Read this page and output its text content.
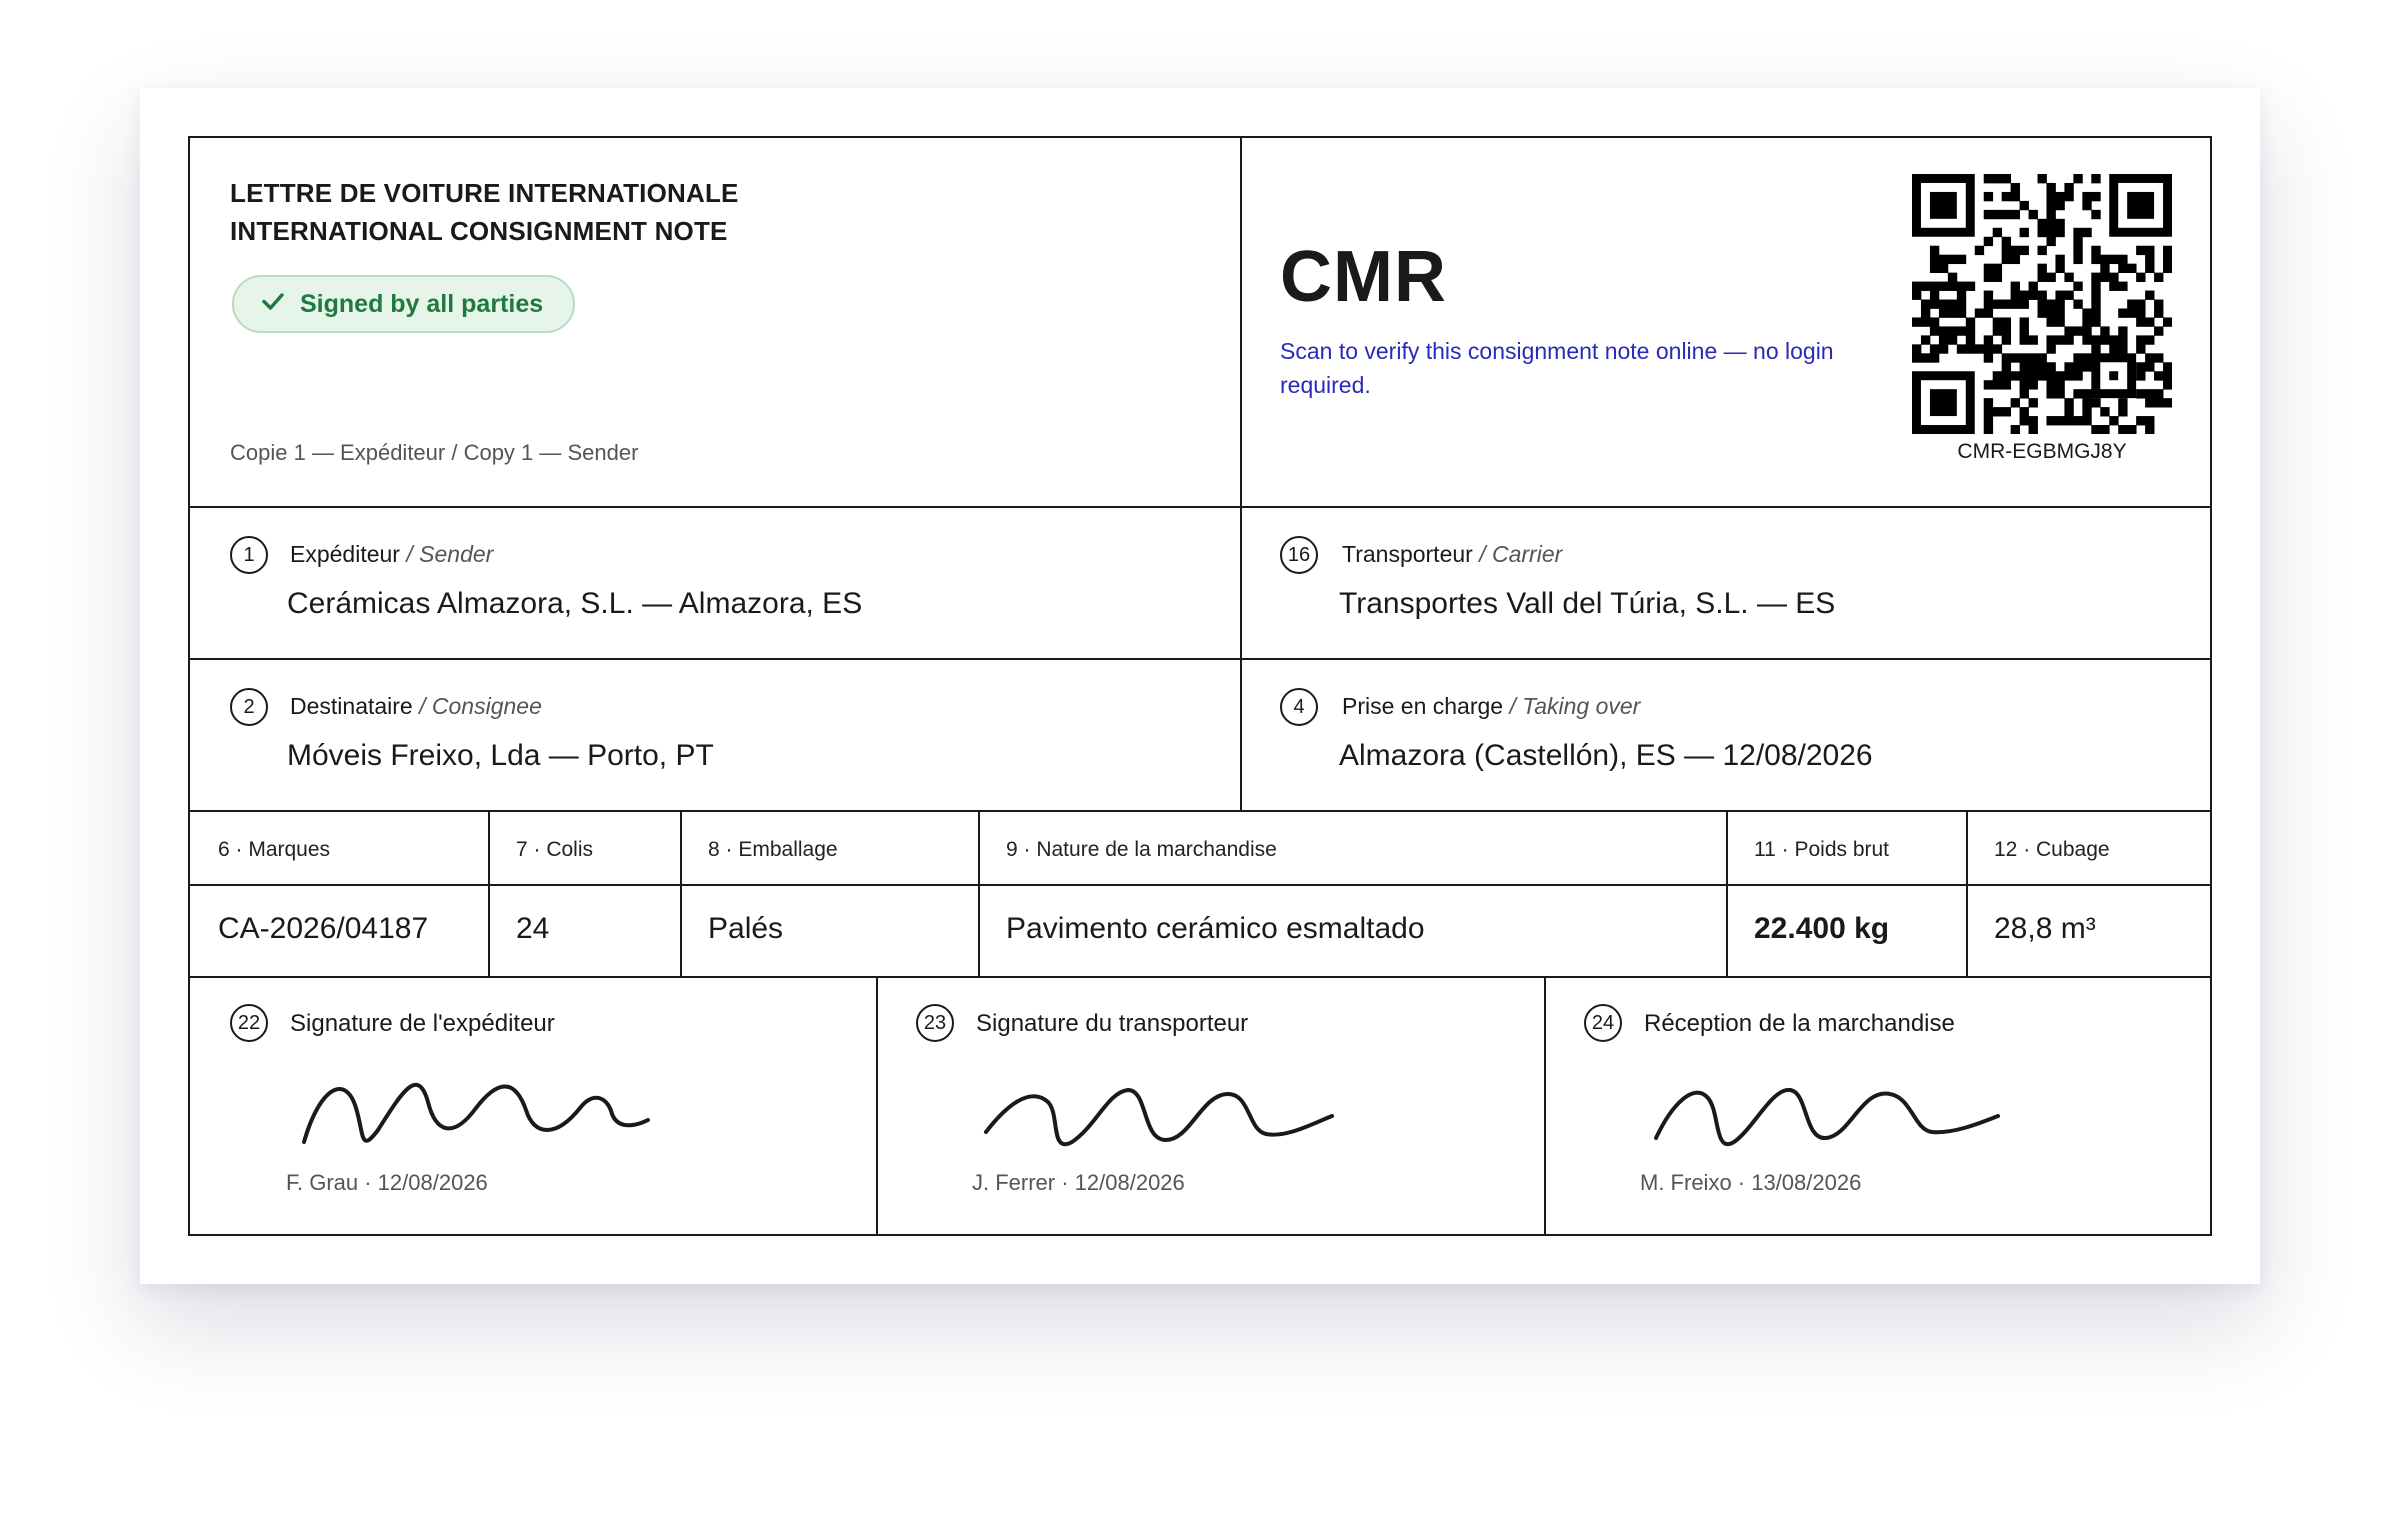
LETTRE DE VOITURE INTERNATIONALE
INTERNATIONAL CONSIGNMENT NOTE
Signed by all parties
Copie 1 — Expéditeur / Copy 1 — Sender
CMR
Scan to verify this consignment note online — no login required.
CMR-EGBMGJ8Y
1	Expéditeur / Sender
Cerámicas Almazora, S.L. — Almazora, ES
16	Transporteur / Carrier
Transportes Vall del Túria, S.L. — ES
2	Destinataire / Consignee
Móveis Freixo, Lda — Porto, PT
4	Prise en charge / Taking over
Almazora (Castellón), ES — 12/08/2026
6 · Marques	7 · Colis	8 · Emballage	9 · Nature de la marchandise	11 · Poids brut	12 · Cubage
CA-2026/04187	24	Palés	Pavimento cerámico esmaltado	22.400 kg	28,8 m³
22	Signature de l'expéditeur
F. Grau · 12/08/2026
23	Signature du transporteur
J. Ferrer · 12/08/2026
24	Réception de la marchandise
M. Freixo · 13/08/2026
